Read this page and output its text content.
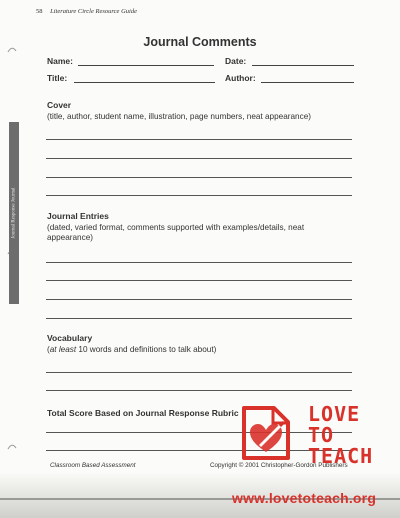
58 Literature Circle Resource Guide
Journal Comments
Name:	Date:
Title:	Author:
Cover
(title, author, student name, illustration, page numbers, neat appearance)
Journal Entries
(dated, varied format, comments supported with examples/details, neat appearance)
Vocabulary
(at least 10 words and definitions to talk about)
Total Score Based on Journal Response Rubric
Journal Response Journal
Classroom Based Assessment	Copyright © 2001 Christopher-Gordon Publishers
LOVE
TO
TEACH
www.lovetoteach.org
